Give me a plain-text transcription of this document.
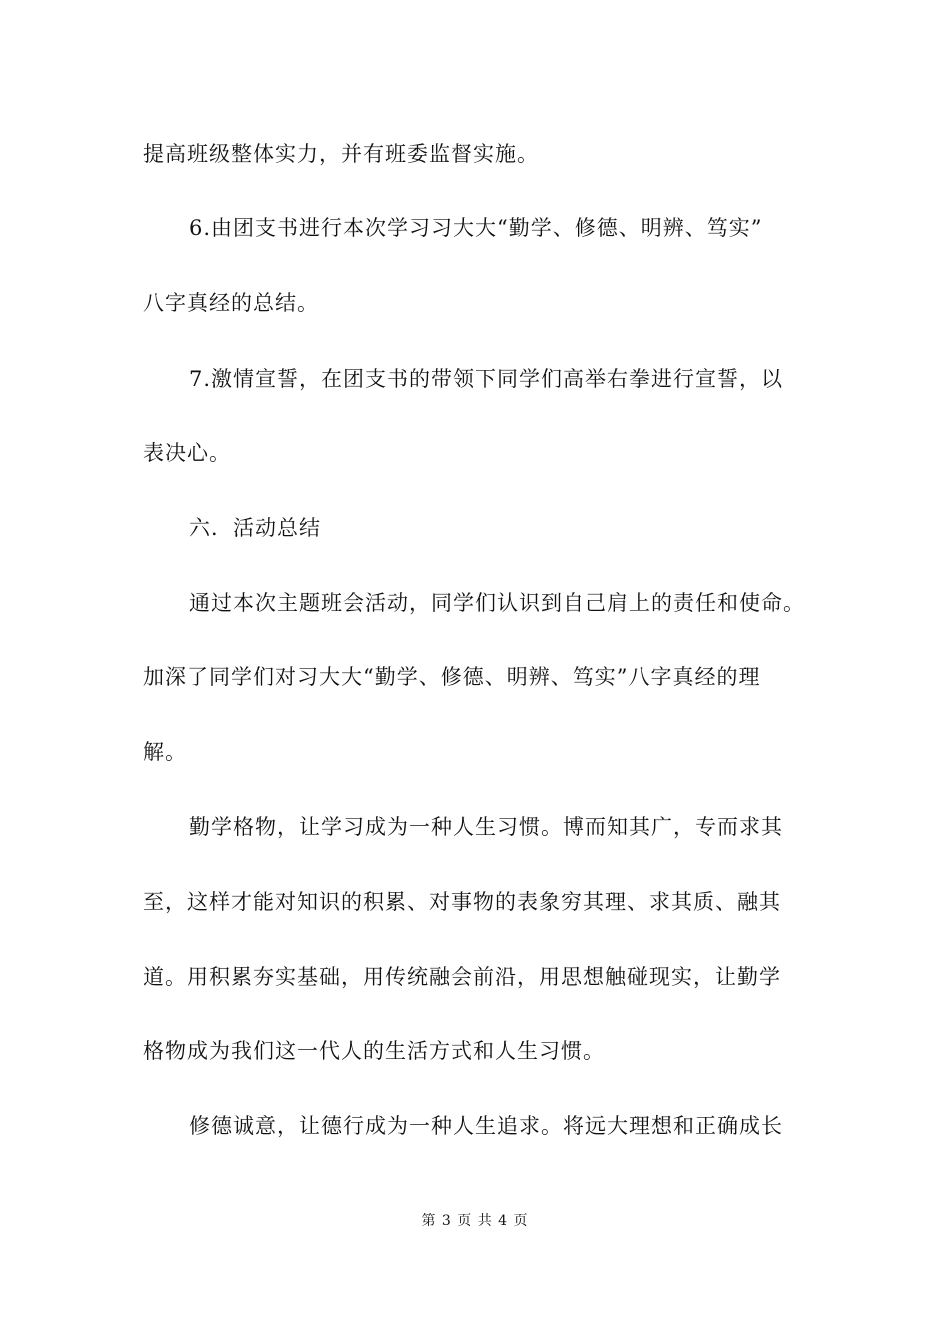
提高班级整体实力，并有班委监督实施。
6.由团支书进行本次学习习大大“勤学、修德、明辨、笃实”
八字真经的总结。
7.激情宣誓，在团支书的带领下同学们高举右拳进行宣誓，以
表决心。
六．活动总结
通过本次主题班会活动，同学们认识到自己肩上的责任和使命。
加深了同学们对习大大“勤学、修德、明辨、笃实”八字真经的理
解。
勤学格物，让学习成为一种人生习惯。博而知其广，专而求其
至，这样才能对知识的积累、对事物的表象穷其理、求其质、融其
道。用积累夯实基础，用传统融会前沿，用思想触碰现实，让勤学
格物成为我们这一代人的生活方式和人生习惯。
修德诚意，让德行成为一种人生追求。将远大理想和正确成长
第 3 页 共 4 页
